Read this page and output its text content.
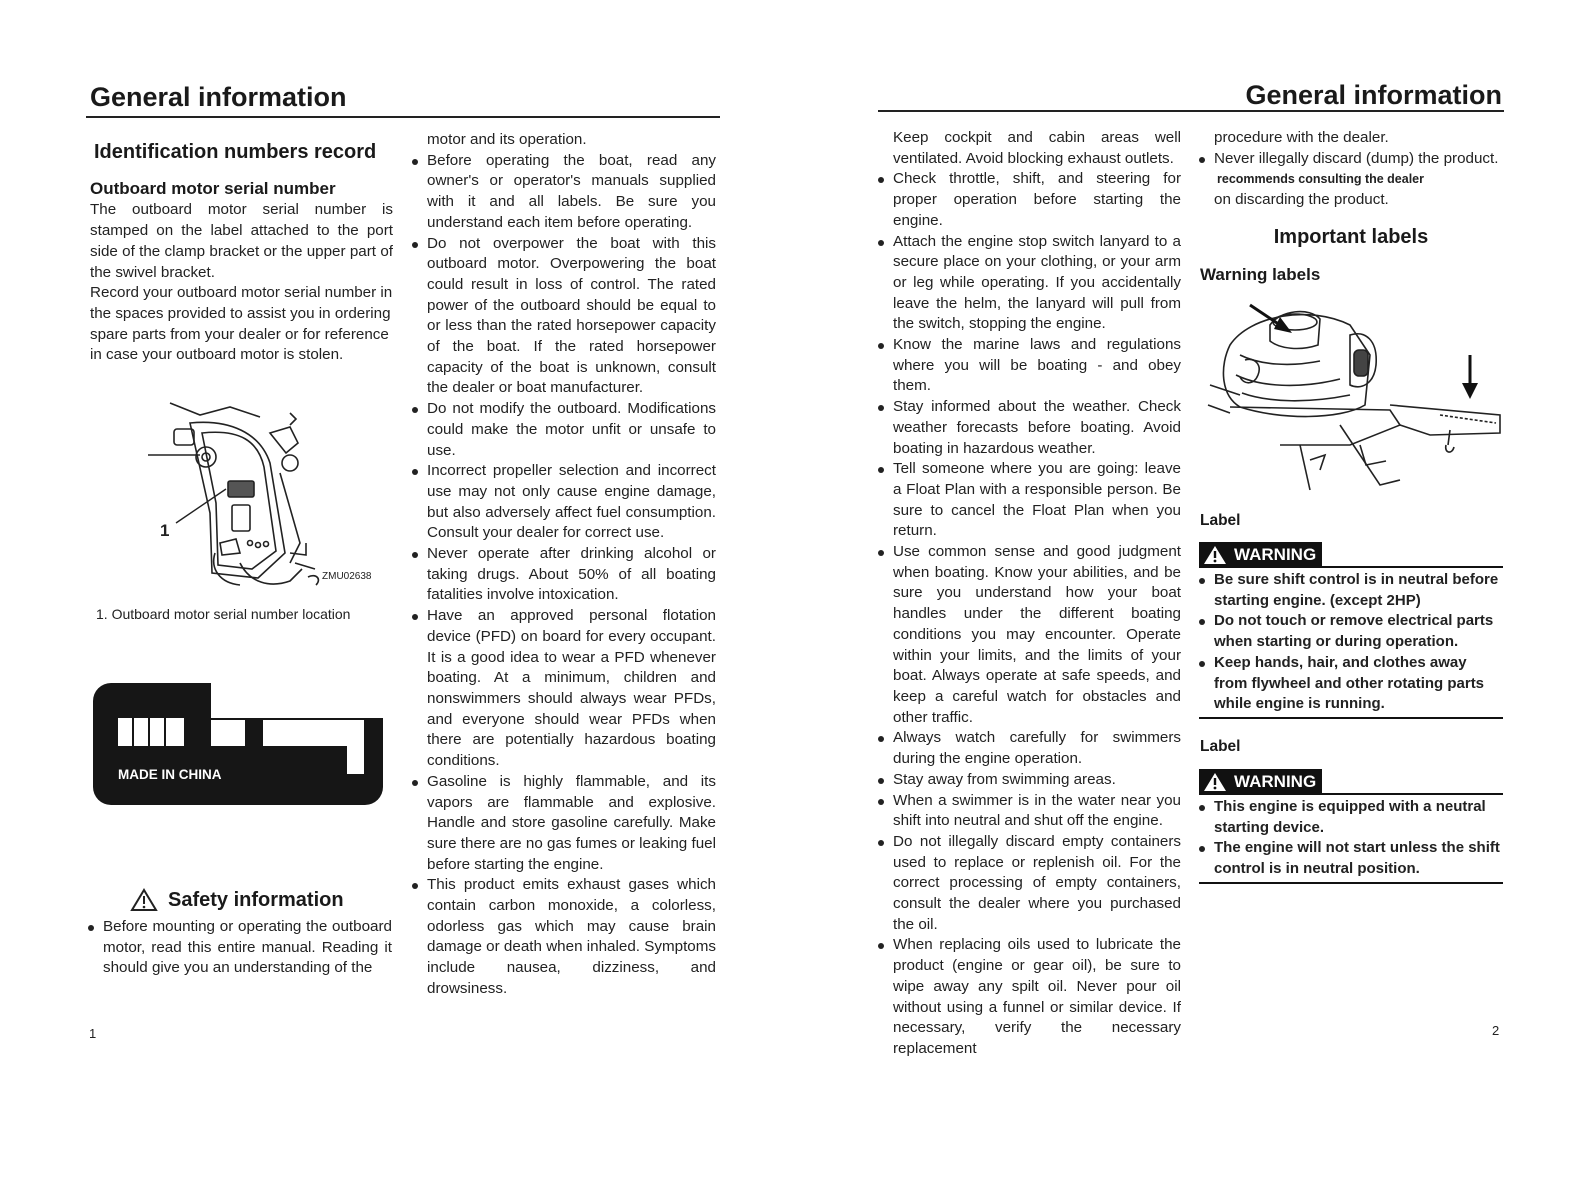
General information
Identification numbers record
Outboard motor serial number

The outboard motor serial number is stamped on the label attached to the port side of the clamp bracket or the upper part of the swivel bracket.

Record your outboard motor serial number in the spaces provided to assist you in ordering spare parts from your dealer or for reference in case your outboard motor is stolen.

1
ZMU02638
1. Outboard motor serial number location
MADE IN CHINA
Safety information

Before mounting or operating the outboard motor, read this entire manual. Reading it should give you an understanding of the

motor and its operation.

Before operating the boat, read any owner's or operator's manuals supplied with it and all labels. Be sure you understand each item before operating.

Do not overpower the boat with this outboard motor. Overpowering the boat could result in loss of control. The rated power of the outboard should be equal to or less than the rated horsepower capacity of the boat. If the rated horsepower capacity of the boat is unknown, consult the dealer or boat manufacturer.

Do not modify the outboard. Modifications could make the motor unfit or unsafe to use.

Incorrect propeller selection and incorrect use may not only cause engine damage, but also adversely affect fuel consumption. Consult your dealer for correct use.

Never operate after drinking alcohol or taking drugs. About 50% of all boating fatalities involve intoxication.

Have an approved personal flotation device (PFD) on board for every occupant. It is a good idea to wear a PFD whenever boating. At a minimum, children and nonswimmers should always wear PFDs, and everyone should wear PFDs when there are potentially hazardous boating conditions.

Gasoline is highly flammable, and its vapors are flammable and explosive. Handle and store gasoline carefully. Make sure there are no gas fumes or leaking fuel before starting the engine.

This product emits exhaust gases which contain carbon monoxide, a colorless, odorless gas which may cause brain damage or death when inhaled. Symptoms include nausea, dizziness, and drowsiness.

1
General information

Keep cockpit and cabin areas well ventilated. Avoid blocking exhaust outlets.

Check throttle, shift, and steering for proper operation before starting the engine.

Attach the engine stop switch lanyard to a secure place on your clothing, or your arm or leg while operating. If you accidentally leave the helm, the lanyard will pull from the switch, stopping the engine.

Know the marine laws and regulations where you will be boating - and obey them.

Stay informed about the weather. Check weather forecasts before boating. Avoid boating in hazardous weather.

Tell someone where you are going: leave a Float Plan with a responsible person. Be sure to cancel the Float Plan when you return.

Use common sense and good judgment when boating. Know your abilities, and be sure you understand how your boat handles under the different boating conditions you may encounter. Operate within your limits, and the limits of your boat. Always operate at safe speeds, and keep a careful watch for obstacles and other traffic.

Always watch carefully for swimmers during the engine operation.

Stay away from swimming areas.

When a swimmer is in the water near you shift into neutral and shut off the engine.

Do not illegally discard empty containers used to replace or replenish oil. For the correct processing of empty containers, consult the dealer where you purchased the oil.

When replacing oils used to lubricate the product (engine or gear oil), be sure to wipe away any spilt oil. Never pour oil without using a funnel or similar device. If necessary, verify the necessary replacement

procedure with the dealer.

Never illegally discard (dump) the product.

recommends consulting the dealer

on discarding the product.

Important labels
Warning labels
Label
WARNING

Be sure shift control is in neutral before starting engine. (except 2HP)

Do not touch or remove electrical parts when starting or during operation.

Keep hands, hair, and clothes away from flywheel and other rotating parts while engine is running.

Label
WARNING

This engine is equipped with a neutral starting device.

The engine will not start unless the shift control is in neutral position.

2
